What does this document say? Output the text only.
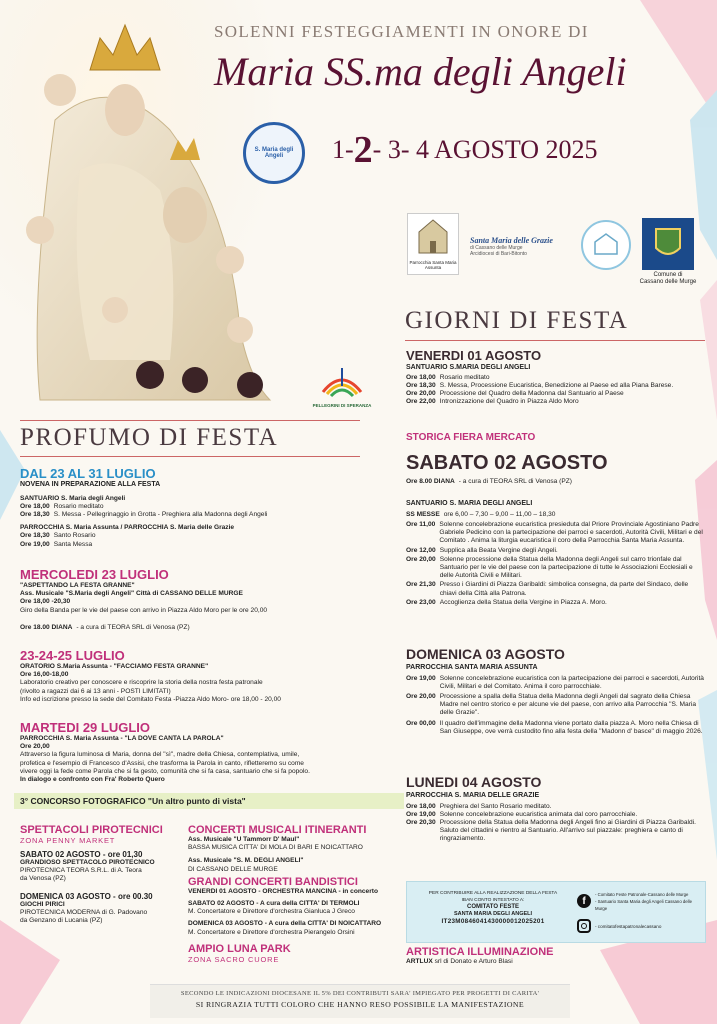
SOLENNI FESTEGGIAMENTI IN ONORE DI
Maria SS.ma degli Angeli
1-2- 3- 4 AGOSTO 2025
S. Maria degli Angeli
Parrocchia Santa Maria Assunta
Santa Maria delle Grazie
di Cassano delle Murge
Arcidiocesi di Bari-Bitonto
Comune di
Cassano delle Murge
PELLEGRINI DI SPERANZA
GIORNI DI FESTA
VENERDI 01 AGOSTO
SANTUARIO S.MARIA DEGLI ANGELI
Ore 18,00 Rosario meditato
Ore 18,30 S. Messa, Processione Eucaristica, Benedizione al Paese ed alla Piana Barese.
Ore 20,00 Processione del Quadro della Madonna dal Santuario al Paese
Ore 22,00 Intronizzazione del Quadro in Piazza Aldo Moro
STORICA FIERA MERCATO
SABATO 02 AGOSTO
Ore 8.00 DIANA - a cura di TEORA SRL di Venosa (PZ)
SANTUARIO S. MARIA DEGLI ANGELI
SS MESSE ore 6,00 – 7,30 – 9,00 – 11,00 – 18,30
Ore 11,00 Solenne concelebrazione eucaristica presieduta dal Priore Provinciale Agostiniano Padre Gabriele Pedicino con la partecipazione dei parroci e sacerdoti, Autorità Civili, Militari e del Comitato . Anima la liturgia eucaristica il coro della Parrocchia Santa Maria Assunta.
Ore 12,00 Supplica alla Beata Vergine degli Angeli.
Ore 20,00 Solenne processione della Statua della Madonna degli Angeli sul carro trionfale dal Santuario per le vie del paese con la partecipazione di tutte le Associazioni Ecclesiali e delle Autorità Civili e Militari.
Ore 21,30 Presso i Giardini di Piazza Garibaldi: simbolica consegna, da parte del Sindaco, delle chiavi della Città alla Patrona.
Ore 23,00 Accoglienza della Statua della Vergine in Piazza A. Moro.
DOMENICA 03 AGOSTO
PARROCCHIA SANTA MARIA ASSUNTA
Ore 19,00 Solenne concelebrazione eucaristica con la partecipazione dei parroci e sacerdoti, Autorità Civili, Militari e del Comitato. Anima il coro parrocchiale.
Ore 20,00 Processione a spalla della Statua della Madonna degli Angeli dal sagrato della Chiesa Madre nel centro storico e per alcune vie del paese, con arrivo alla Parrocchia "S. Maria delle Grazie".
Ore 00,00 Il quadro dell'immagine della Madonna viene portato dalla piazza A. Moro nella Chiesa di San Giuseppe, ove verrà custodito fino alla festa della "Madonn d' basce" di maggio 2026.
LUNEDI 04 AGOSTO
PARROCCHIA S. MARIA DELLE GRAZIE
Ore 18,00 Preghiera del Santo Rosario meditato.
Ore 19,00 Solenne concelebrazione eucaristica animata dal coro parrocchiale.
Ore 20,30 Processione della Statua della Madonna degli Angeli fino ai Giardini di Piazza Garibaldi. Saluto del cittadini e rientro al Santuario. All'arrivo sul piazzale: preghiera e canto di ringraziamento.
PROFUMO DI FESTA
DAL 23 AL 31 LUGLIO
NOVENA IN PREPARAZIONE ALLA FESTA
SANTUARIO S. Maria degli Angeli
Ore 18,00 Rosario meditato
Ore 18,30 S. Messa - Pellegrinaggio in Grotta - Preghiera alla Madonna degli Angeli
PARROCCHIA S. Maria Assunta / PARROCCHIA S. Maria delle Grazie
Ore 18,30 Santo Rosario
Ore 19,00 Santa Messa
MERCOLEDI 23 LUGLIO
"ASPETTANDO LA FESTA GRANNE"
Ass. Musicale "S.Maria degli Angeli" Città di CASSANO DELLE MURGE
Ore 18,00 -20,30
Giro della Banda per le vie del paese con arrivo in Piazza Aldo Moro per le ore 20,00
Ore 18.00 DIANA - a cura di TEORA SRL di Venosa (PZ)
23-24-25 LUGLIO
ORATORIO S.Maria Assunta - "FACCIAMO FESTA GRANNE"
Ore 16,00-18,00
Laboratorio creativo per conoscere e riscoprire la storia della nostra festa patronale
(rivolto a ragazzi dai 6 ai 13 anni - POSTI LIMITATI)
Info ed iscrizione presso la sede del Comitato Festa -Piazza Aldo Moro- ore 18,00 - 20,00
MARTEDI 29 LUGLIO
PARROCCHIA S. Maria Assunta - "LA DOVE CANTA LA PAROLA"
Ore 20,00
Attraverso la figura luminosa di Maria, donna del "sì", madre della Chiesa, contemplativa, umile,
profetica e l'esempio di Francesco d'Assisi, che trasforma la Parola in canto, rifletteremo su come
vivere oggi la fede come Parola che si fa gesto, comunità che si fa casa, santuario che si fa popolo.
In dialogo e confronto con Fra' Roberto Quero
3° CONCORSO FOTOGRAFICO "Un altro punto di vista"
SPETTACOLI PIROTECNICI
ZONA PENNY MARKET
SABATO 02 AGOSTO - ore 01,30
GRANDIOSO SPETTACOLO PIROTECNICO
PIROTECNICA TEORA S.R.L. di A. Teora
da Venosa (PZ)
DOMENICA 03 AGOSTO - ore 00.30
GIOCHI PIRICI
PIROTECNICA MODERNA di G. Padovano
da Genzano di Lucania (PZ)
CONCERTI MUSICALI ITINERANTI
Ass. Musicale "U Tammorr D' Maul"
BASSA MUSICA CITTA' DI MOLA DI BARI E NOICATTARO
Ass. Musicale "S. M. DEGLI ANGELI"
DI CASSANO DELLE MURGE
GRANDI CONCERTI BANDISTICI
VENERDI 01 AGOSTO - ORCHESTRA MANCINA - in concerto
SABATO 02 AGOSTO - A cura della CITTA' DI TERMOLI
M. Concertatore e Direttore d'orchestra Gianluca J Greco
DOMENICA 03 AGOSTO - A cura della CITTA' DI NOICATTARO
M. Concertatore e Direttore d'orchestra Pierangelo Orsini
AMPIO LUNA PARK
ZONA SACRO CUORE
PER CONTRIBUIRE ALLA REALIZZAZIONE DELLA FESTA
IBAN CONTO INTESTATO A:
COMITATO FESTE
SANTA MARIA DEGLI ANGELI
IT23M0846041430000012025201
f
- Comitato Feste Patronale-Cassano delle Murge
- Santuario Santa Maria degli Angeli Cassano delle Murge
- comitatofestapatronalecassano
ARTISTICA ILLUMINAZIONE
ARTLUX srl di Donato e Arturo Blasi
SECONDO LE INDICAZIONI DIOCESANE IL 5% DEI CONTRIBUTI SARA' IMPIEGATO PER PROGETTI DI CARITA'
SI RINGRAZIA TUTTI COLORO CHE HANNO RESO POSSIBILE LA MANIFESTAZIONE
